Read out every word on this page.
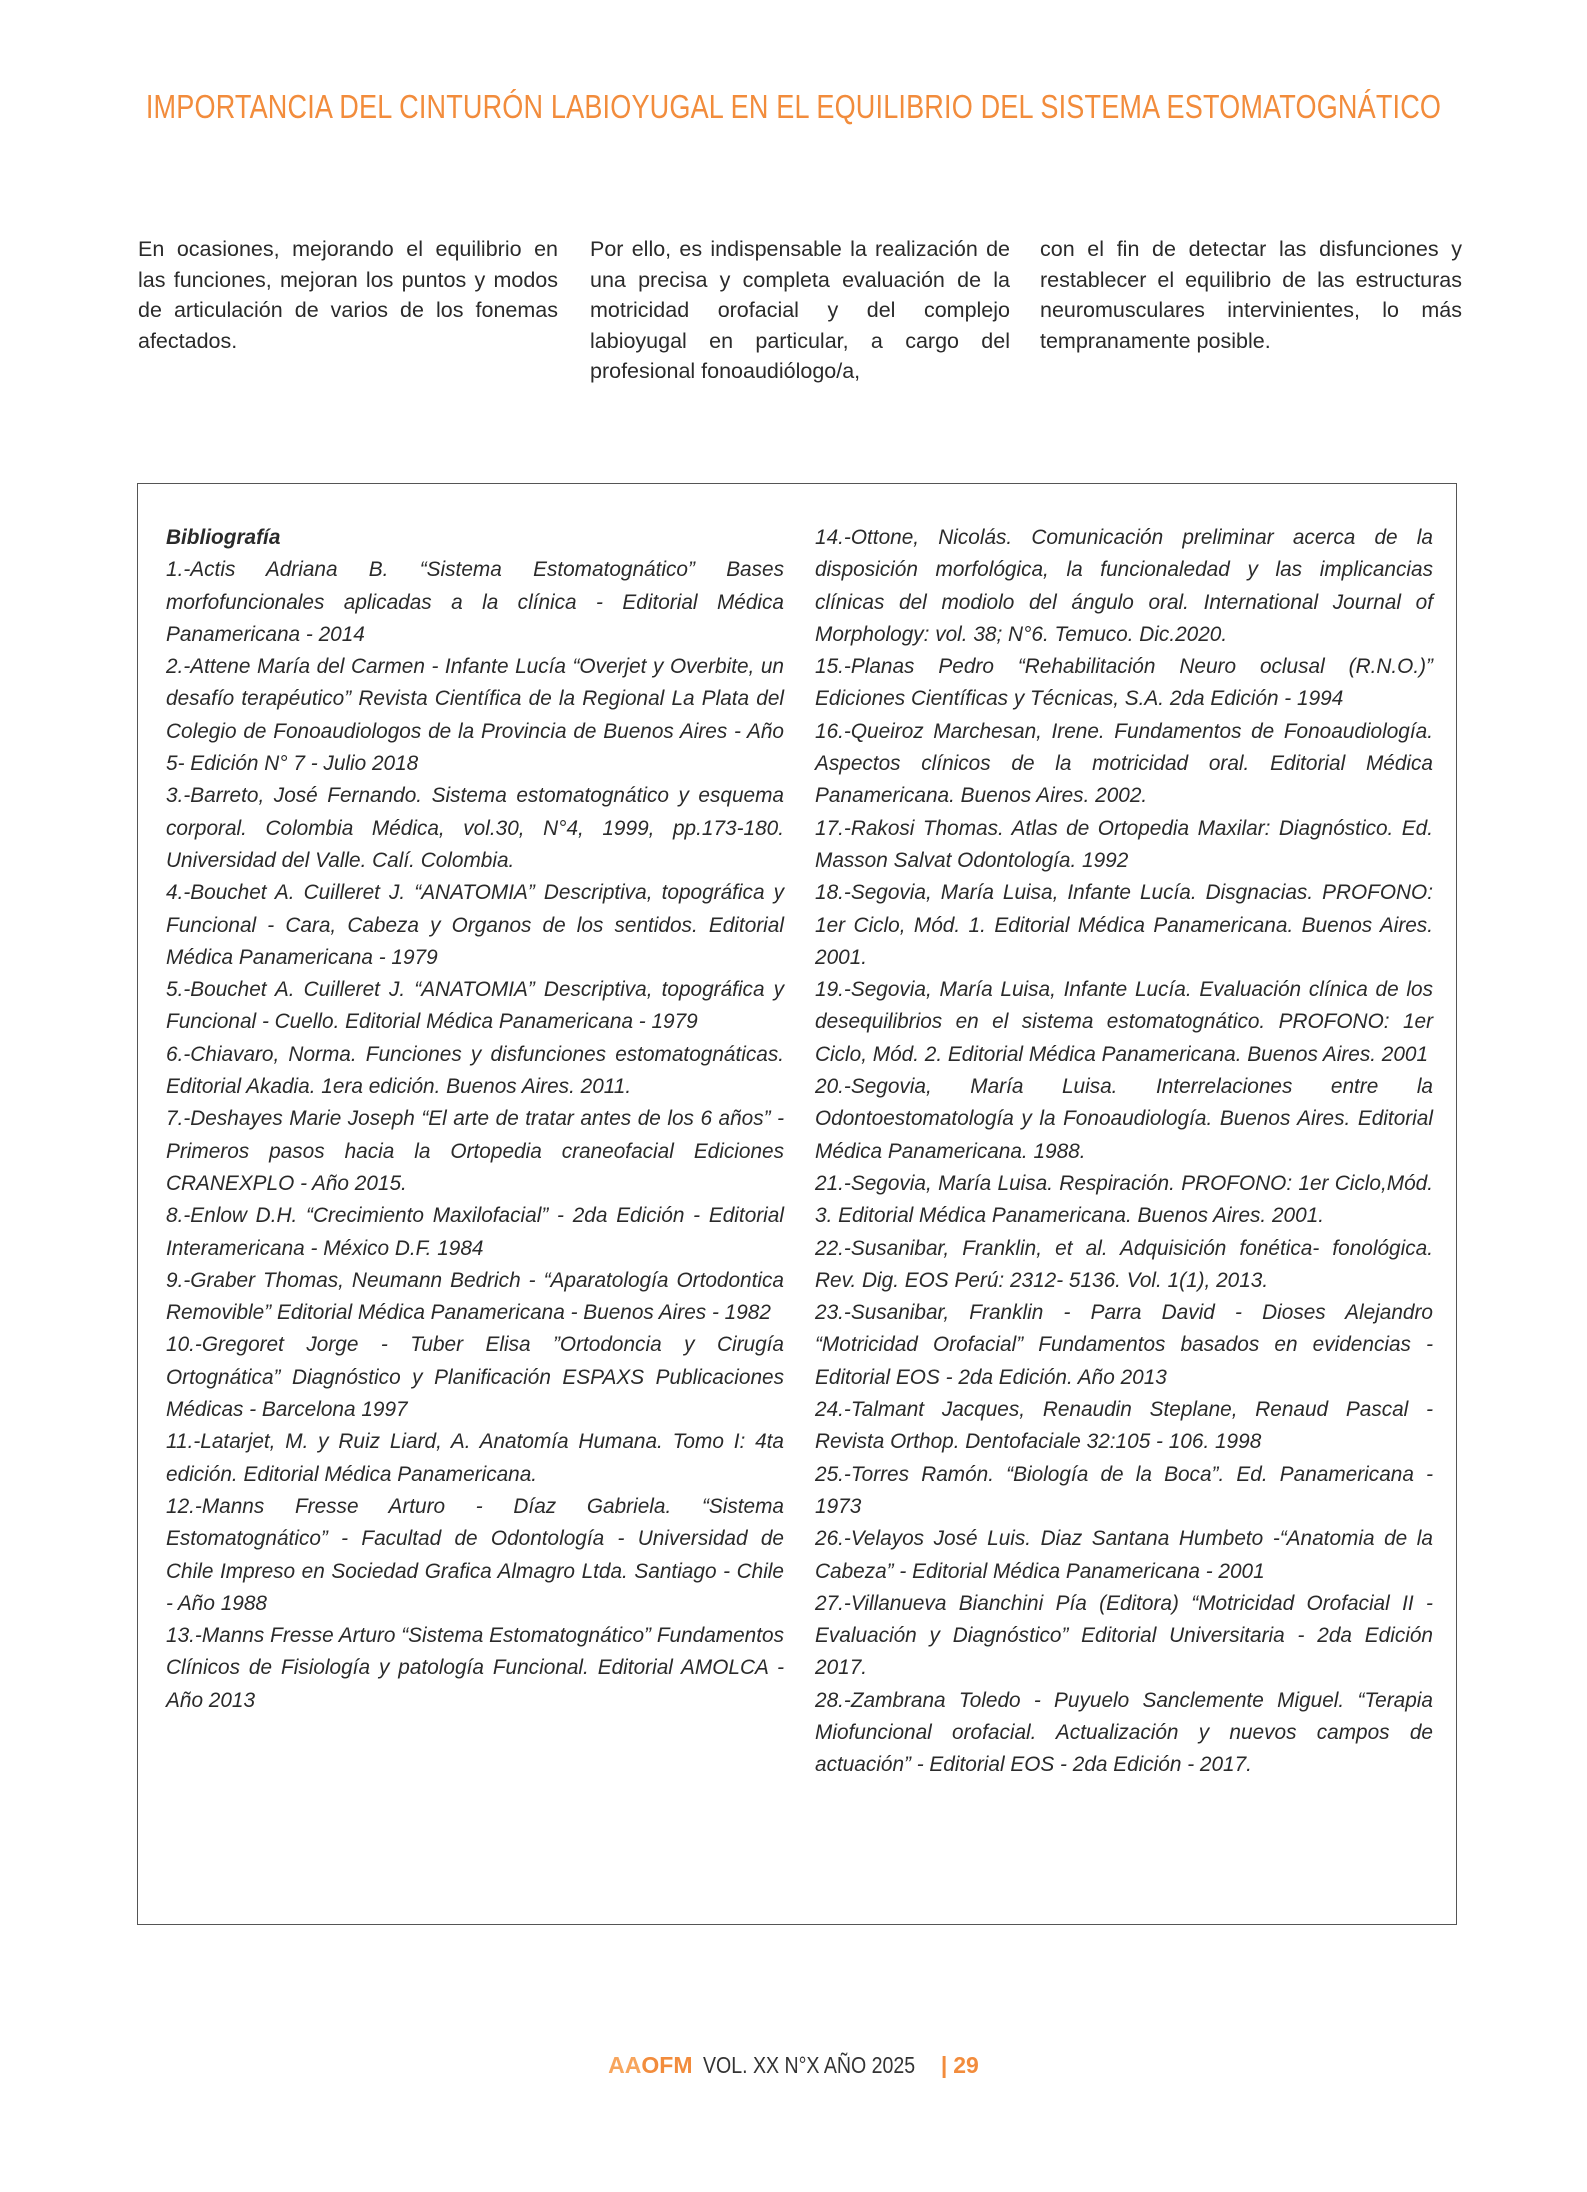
IMPORTANCIA DEL CINTURÓN LABIOYUGAL EN EL EQUILIBRIO DEL SISTEMA ESTOMATOGNÁTICO

En ocasiones, mejorando el equilibrio en las funciones, mejoran los puntos y modos de articulación de varios de los fonemas afectados.

Por ello, es indispensable la realización de una precisa y completa evaluación de la motricidad orofacial y del complejo labioyugal en particular, a cargo del profesional fonoaudiólogo/a,

con el fin de detectar las disfunciones y restablecer el equilibrio de las estructuras neuromusculares intervinientes, lo más tempranamente posible.

Bibliografía
1.-Actis Adriana B. “Sistema Estomatognático” Bases morfofuncionales aplicadas a la clínica - Editorial Médica Panamericana - 2014
2.-Attene María del Carmen - Infante Lucía “Overjet y Overbite, un desafío terapéutico” Revista Científica de la Regional La Plata del Colegio de Fonoaudiologos de la Provincia de Buenos Aires - Año 5- Edición N° 7 - Julio 2018
3.-Barreto, José Fernando. Sistema estomatognático y esquema corporal. Colombia Médica, vol.30, N°4, 1999, pp.173-180. Universidad del Valle. Calí. Colombia.
4.-Bouchet A. Cuilleret J. “ANATOMIA” Descriptiva, topográfica y Funcional - Cara, Cabeza y Organos de los sentidos. Editorial Médica Panamericana - 1979
5.-Bouchet A. Cuilleret J. “ANATOMIA” Descriptiva, topográfica y Funcional - Cuello. Editorial Médica Panamericana - 1979
6.-Chiavaro, Norma. Funciones y disfunciones estomatognáticas. Editorial Akadia. 1era edición. Buenos Aires. 2011.
7.-Deshayes Marie Joseph “El arte de tratar antes de los 6 años” - Primeros pasos hacia la Ortopedia craneofacial Ediciones CRANEXPLO - Año 2015.
8.-Enlow D.H. “Crecimiento Maxilofacial” - 2da Edición - Editorial Interamericana - México D.F. 1984
9.-Graber Thomas, Neumann Bedrich - “Aparatología Ortodontica Removible” Editorial Médica Panamericana - Buenos Aires - 1982
10.-Gregoret Jorge - Tuber Elisa ”Ortodoncia y Cirugía Ortognática” Diagnóstico y Planificación ESPAXS Publicaciones Médicas - Barcelona 1997
11.-Latarjet, M. y Ruiz Liard, A. Anatomía Humana. Tomo I: 4ta edición. Editorial Médica Panamericana.
12.-Manns Fresse Arturo - Díaz Gabriela. “Sistema Estomatognático” - Facultad de Odontología - Universidad de Chile Impreso en Sociedad Grafica Almagro Ltda. Santiago - Chile - Año 1988
13.-Manns Fresse Arturo “Sistema Estomatognático” Fundamentos Clínicos de Fisiología y patología Funcional. Editorial AMOLCA - Año 2013
14.-Ottone, Nicolás. Comunicación preliminar acerca de la disposición morfológica, la funcionaledad y las implicancias clínicas del modiolo del ángulo oral. International Journal of Morphology: vol. 38; N°6. Temuco. Dic.2020.
15.-Planas Pedro “Rehabilitación Neuro oclusal (R.N.O.)” Ediciones Científicas y Técnicas, S.A. 2da Edición - 1994
16.-Queiroz Marchesan, Irene. Fundamentos de Fonoaudiología. Aspectos clínicos de la motricidad oral. Editorial Médica Panamericana. Buenos Aires. 2002.
17.-Rakosi Thomas. Atlas de Ortopedia Maxilar: Diagnóstico. Ed. Masson Salvat Odontología. 1992
18.-Segovia, María Luisa, Infante Lucía. Disgnacias. PROFONO: 1er Ciclo, Mód. 1. Editorial Médica Panamericana. Buenos Aires. 2001.
19.-Segovia, María Luisa, Infante Lucía. Evaluación clínica de los desequilibrios en el sistema estomatognático. PROFONO: 1er Ciclo, Mód. 2. Editorial Médica Panamericana. Buenos Aires. 2001
20.-Segovia, María Luisa. Interrelaciones entre la Odontoestomatología y la Fonoaudiología. Buenos Aires. Editorial Médica Panamericana. 1988.
21.-Segovia, María Luisa. Respiración. PROFONO: 1er Ciclo,Mód. 3. Editorial Médica Panamericana. Buenos Aires. 2001.
22.-Susanibar, Franklin, et al. Adquisición fonética- fonológica. Rev. Dig. EOS Perú: 2312- 5136. Vol. 1(1), 2013.
23.-Susanibar, Franklin - Parra David - Dioses Alejandro “Motricidad Orofacial” Fundamentos basados en evidencias - Editorial EOS - 2da Edición. Año 2013
24.-Talmant Jacques, Renaudin Steplane, Renaud Pascal - Revista Orthop. Dentofaciale 32:105 - 106. 1998
25.-Torres Ramón. “Biología de la Boca”. Ed. Panamericana - 1973
26.-Velayos José Luis. Diaz Santana Humbeto -“Anatomia de la Cabeza” - Editorial Médica Panamericana - 2001
27.-Villanueva Bianchini Pía (Editora) “Motricidad Orofacial II - Evaluación y Diagnóstico” Editorial Universitaria - 2da Edición 2017.
28.-Zambrana Toledo - Puyuelo Sanclemente Miguel. “Terapia Miofuncional orofacial. Actualización y nuevos campos de actuación” - Editorial EOS - 2da Edición - 2017.
AAOFM VOL. XX N°X AÑO 2025 | 29
